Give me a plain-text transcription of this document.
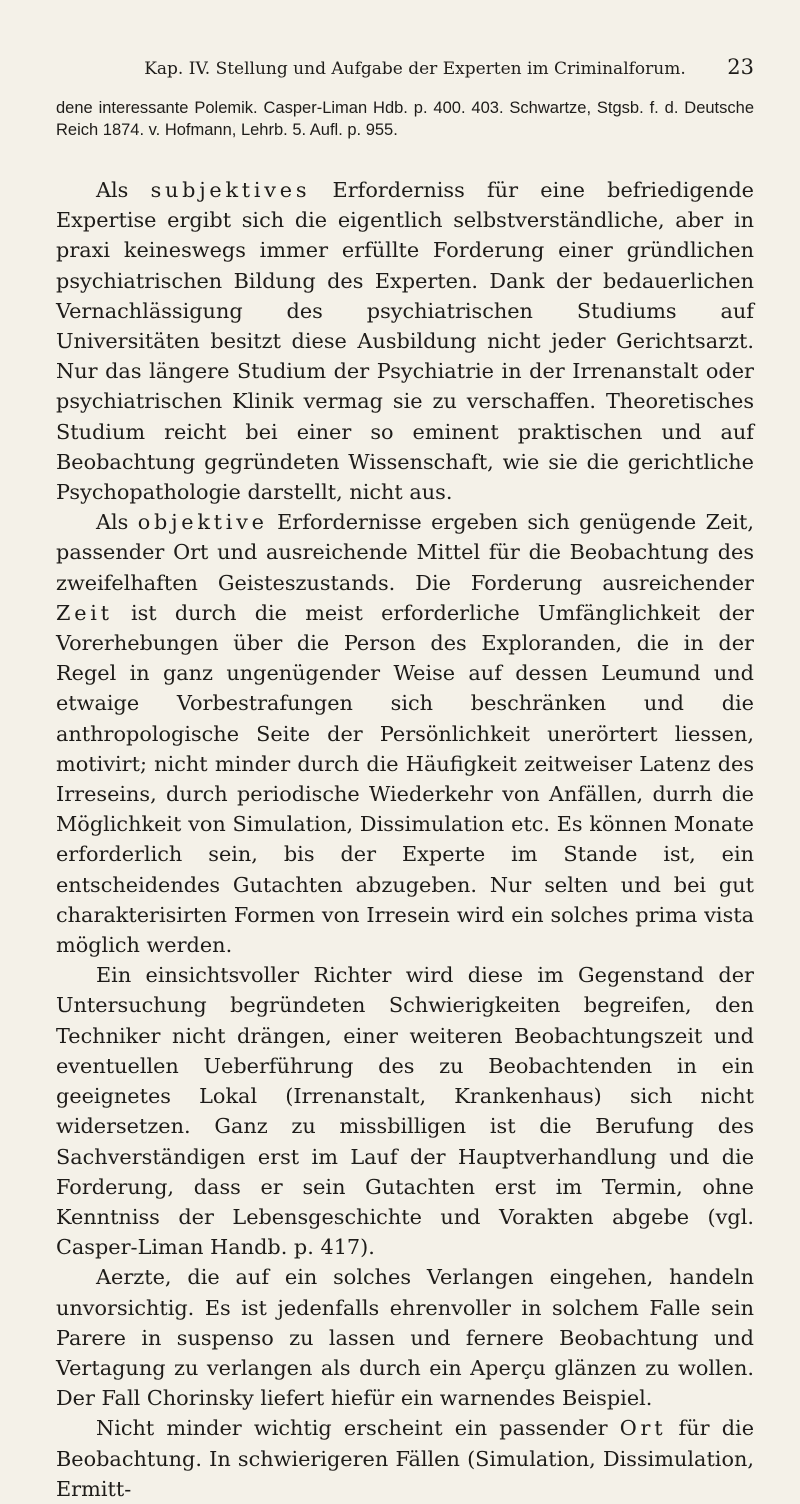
Kap. IV. Stellung und Aufgabe der Experten im Criminalforum.	23
dene interessante Polemik. Casper-Liman Hdb. p. 400. 403. Schwartze, Stgsb. f. d. Deutsche Reich 1874. v. Hofmann, Lehrb. 5. Aufl. p. 955.

Als subjektives Erforderniss für eine befriedigende Expertise ergibt sich die eigentlich selbstverständliche, aber in praxi keineswegs immer erfüllte Forderung einer gründlichen psychiatrischen Bildung des Experten. Dank der bedauerlichen Vernachlässigung des psychiatrischen Studiums auf Universitäten besitzt diese Ausbildung nicht jeder Gerichtsarzt. Nur das längere Studium der Psychiatrie in der Irrenanstalt oder psychiatrischen Klinik vermag sie zu verschaffen. Theoretisches Studium reicht bei einer so eminent praktischen und auf Beobachtung gegründeten Wissenschaft, wie sie die gerichtliche Psychopathologie darstellt, nicht aus.

Als objektive Erfordernisse ergeben sich genügende Zeit, passender Ort und ausreichende Mittel für die Beobachtung des zweifelhaften Geisteszustands. Die Forderung ausreichender Zeit ist durch die meist erforderliche Umfänglichkeit der Vorerhebungen über die Person des Exploranden, die in der Regel in ganz ungenügender Weise auf dessen Leumund und etwaige Vorbestrafungen sich beschränken und die anthropologische Seite der Persönlichkeit unerörtert liessen, motivirt; nicht minder durch die Häufigkeit zeitweiser Latenz des Irreseins, durch periodische Wiederkehr von Anfällen, durrh die Möglichkeit von Simulation, Dissimulation etc. Es können Monate erforderlich sein, bis der Experte im Stande ist, ein entscheidendes Gutachten abzugeben. Nur selten und bei gut charakterisirten Formen von Irresein wird ein solches prima vista möglich werden.

Ein einsichtsvoller Richter wird diese im Gegenstand der Untersuchung begründeten Schwierigkeiten begreifen, den Techniker nicht drängen, einer weiteren Beobachtungszeit und eventuellen Ueberführung des zu Beobachtenden in ein geeignetes Lokal (Irrenanstalt, Krankenhaus) sich nicht widersetzen. Ganz zu missbilligen ist die Berufung des Sachverständigen erst im Lauf der Hauptverhandlung und die Forderung, dass er sein Gutachten erst im Termin, ohne Kenntniss der Lebensgeschichte und Vorakten abgebe (vgl. Casper-Liman Handb. p. 417).

Aerzte, die auf ein solches Verlangen eingehen, handeln unvorsichtig. Es ist jedenfalls ehrenvoller in solchem Falle sein Parere in suspenso zu lassen und fernere Beobachtung und Vertagung zu verlangen als durch ein Aperçu glänzen zu wollen. Der Fall Chorinsky liefert hiefür ein warnendes Beispiel.

Nicht minder wichtig erscheint ein passender Ort für die Beobachtung. In schwierigeren Fällen (Simulation, Dissimulation, Ermitt-
